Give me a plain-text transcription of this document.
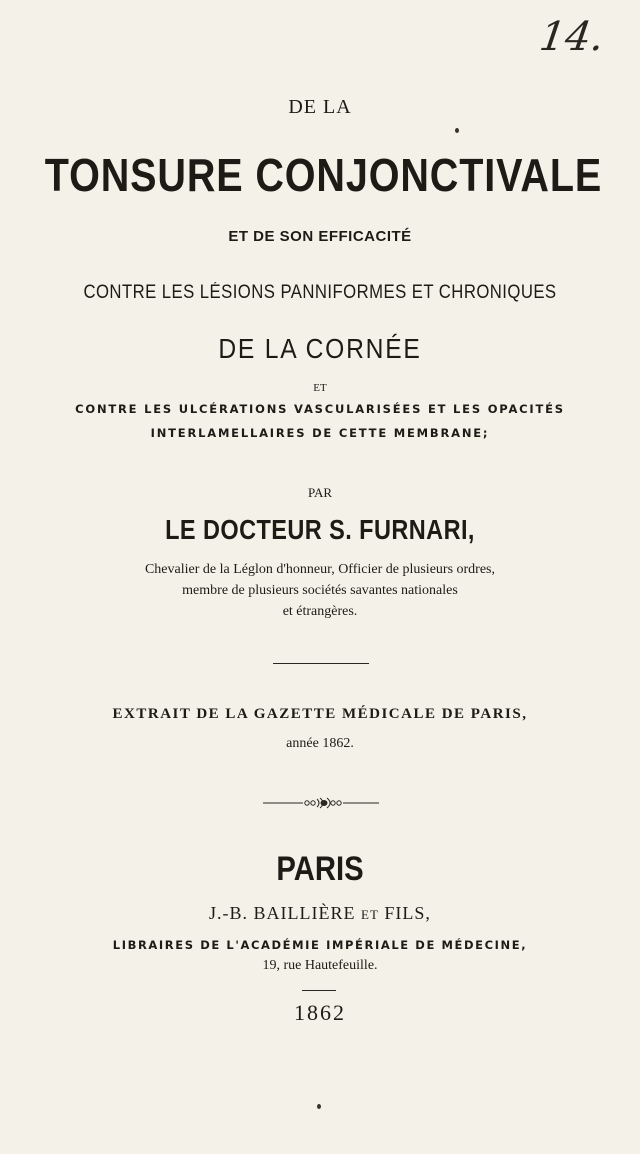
14.
DE LA
TONSURE CONJONCTIVALE
ET DE SON EFFICACITÉ
CONTRE LES LÉSIONS PANNIFORMES ET CHRONIQUES
DE LA CORNÉE
ET
CONTRE LES ULCÉRATIONS VASCULARISÉES ET LES OPACITÉS
INTERLAMELLAIRES DE CETTE MEMBRANE;
PAR
LE DOCTEUR S. FURNARI,
Chevalier de la Léglon d'honneur, Officier de plusieurs ordres,
membre de plusieurs sociétés savantes nationales
et étrangères.
EXTRAIT DE LA GAZETTE MÉDICALE DE PARIS,
année 1862.
PARIS
J.-B. BAILLIÈRE ET FILS,
LIBRAIRES DE L'ACADÉMIE IMPÉRIALE DE MÉDECINE,
19, rue Hautefeuille.
1862
